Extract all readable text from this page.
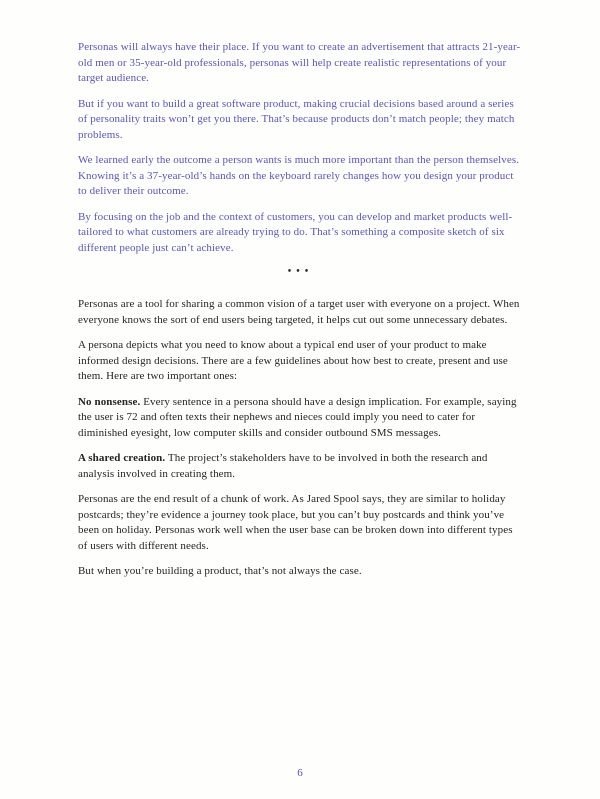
Personas will always have their place. If you want to create an advertisement that attracts 21-year-old men or 35-year-old professionals, personas will help create realistic representations of your target audience.

But if you want to build a great software product, making crucial decisions based around a series of personality traits won’t get you there. That’s because products don’t match people; they match problems.

We learned early the outcome a person wants is much more important than the person themselves. Knowing it’s a 37-year-old’s hands on the keyboard rarely changes how you design your product to deliver their outcome.

By focusing on the job and the context of customers, you can develop and market products well-tailored to what customers are already trying to do. That’s something a composite sketch of six different people just can’t achieve.

•••

Personas are a tool for sharing a common vision of a target user with everyone on a project. When everyone knows the sort of end users being targeted, it helps cut out some unnecessary debates.

A persona depicts what you need to know about a typical end user of your product to make informed design decisions. There are a few guidelines about how best to create, present and use them. Here are two important ones:

No nonsense. Every sentence in a persona should have a design implication. For example, saying the user is 72 and often texts their nephews and nieces could imply you need to cater for diminished eyesight, low computer skills and consider outbound SMS messages.

A shared creation. The project’s stakeholders have to be involved in both the research and analysis involved in creating them.

Personas are the end result of a chunk of work. As Jared Spool says, they are similar to holiday postcards; they’re evidence a journey took place, but you can’t buy postcards and think you’ve been on holiday. Personas work well when the user base can be broken down into different types of users with different needs.

But when you’re building a product, that’s not always the case.

6
